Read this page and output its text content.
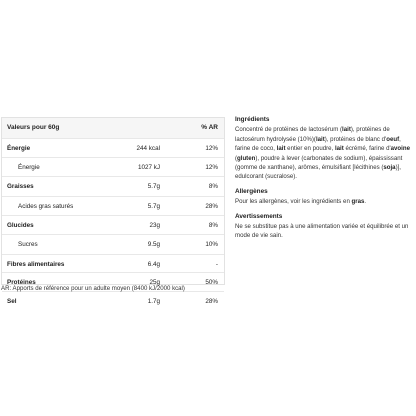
Valeurs pour 60g	% AR
Énergie	244 kcal	12%
Énergie	1027 kJ	12%
Graisses	5.7g	8%
Acides gras saturés	5.7g	28%
Glucides	23g	8%
Sucres	9.5g	10%
Fibres alimentaires	6.4g	-
Protéines	25g	50%
Sel	1.7g	28%
AR: Apports de référence pour un adulte moyen (8400 kJ/2000 kcal)
Ingrédients

Concentré de protéines de lactosérum (lait), protéines de lactosérum hydrolysée (10%)(lait), protéines de blanc d'oeuf, farine de coco, lait entier en poudre, lait écrémé, farine d'avoine (gluten), poudre à lever (carbonates de sodium), épaississant (gomme de xanthane), arômes, émulsifiant [lécithines (soja)], edulcorant (sucralose).

Allergènes

Pour les allergènes, voir les ingrédients en gras.

Avertissements

Ne se substitue pas à une alimentation variée et équilibrée et un mode de vie sain.
